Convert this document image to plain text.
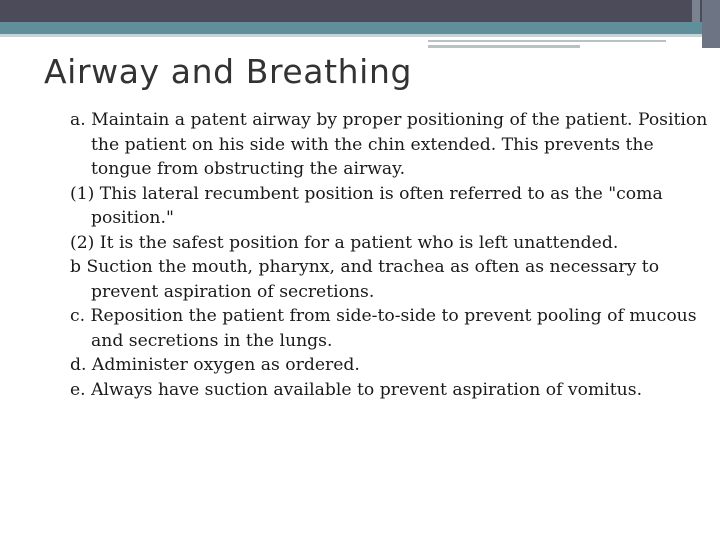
Airway and Breathing
a. Maintain a patent airway by proper positioning of the patient. Position the patient on his side with the chin extended. This prevents the tongue from obstructing the airway.
(1) This lateral recumbent position is often referred to as the "coma position."
(2) It is the safest position for a patient who is left unattended.
b Suction the mouth, pharynx, and trachea as often as necessary to prevent aspiration of secretions.
c. Reposition the patient from side-to-side to prevent pooling of mucous and secretions in the lungs.
d. Administer oxygen as ordered.
e. Always have suction available to prevent aspiration of vomitus.
